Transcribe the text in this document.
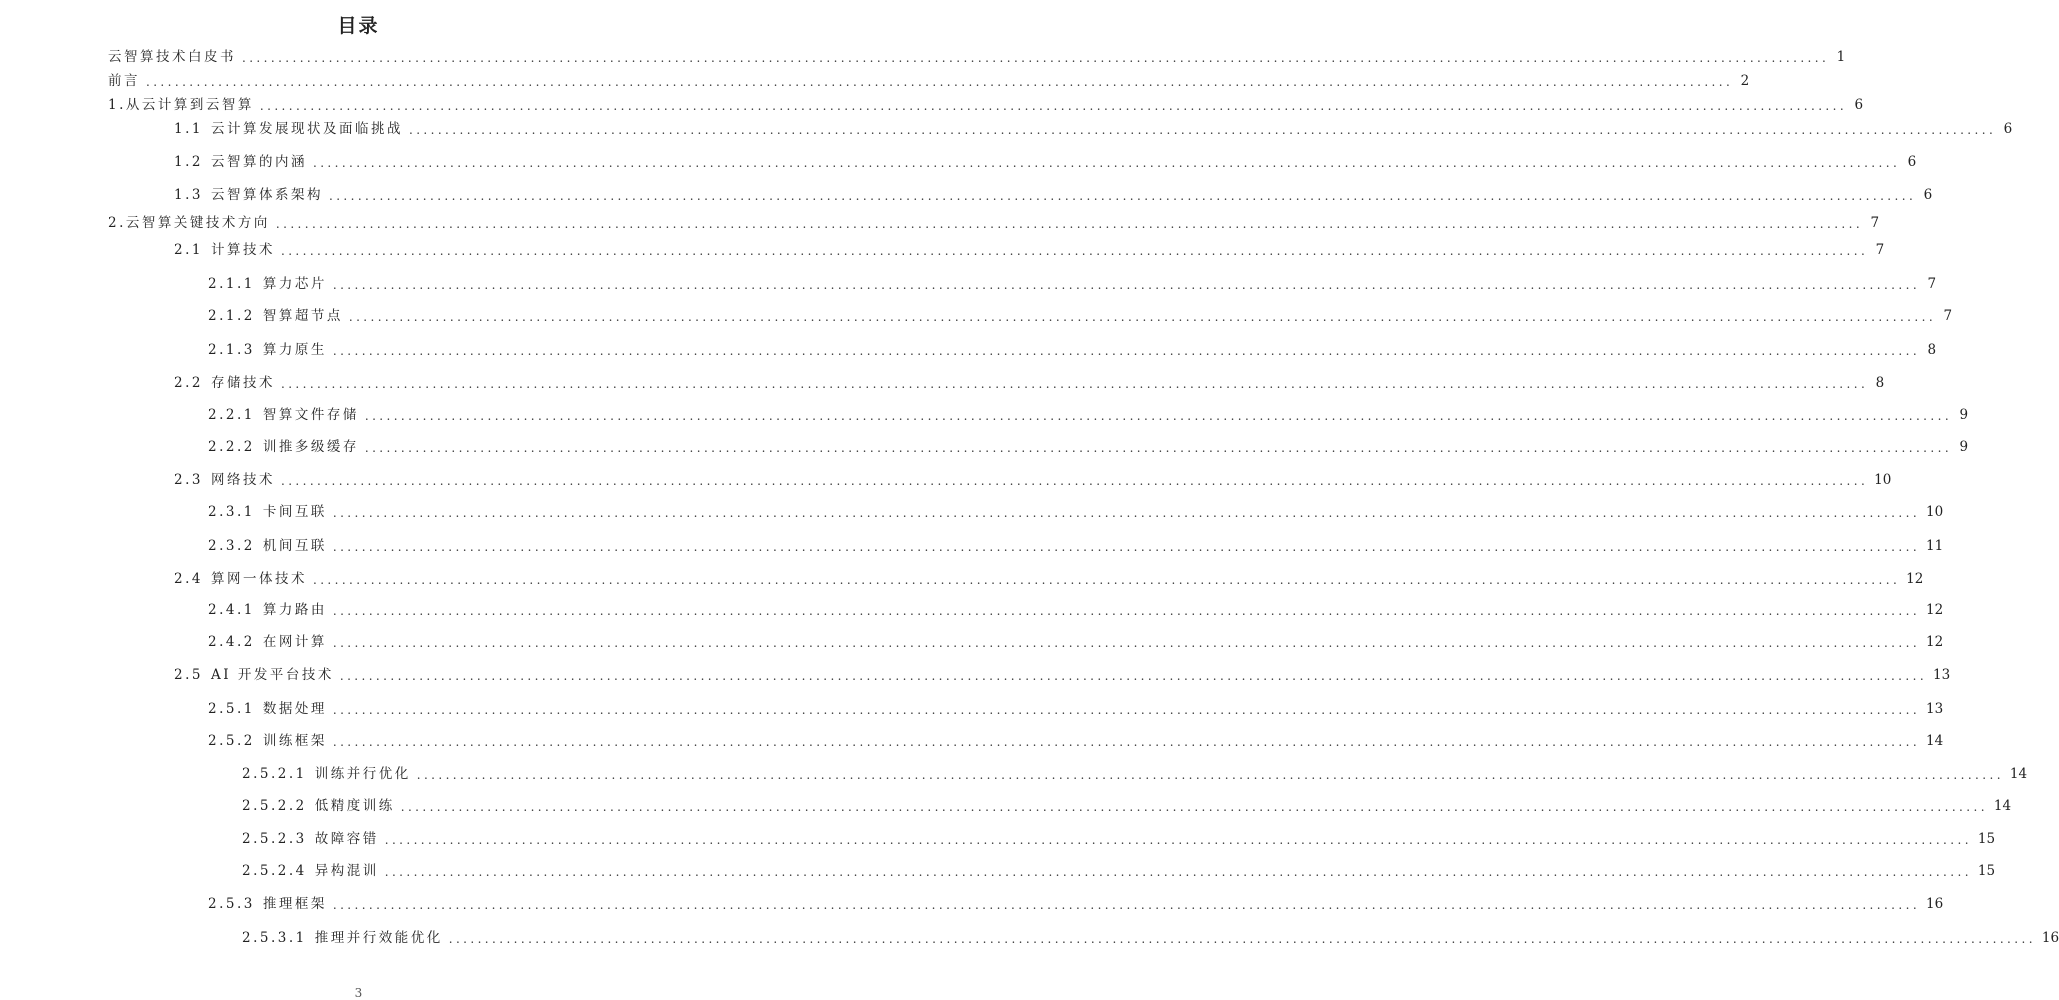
目录
云智算技术白皮书 ............................................................................................................................................................................................................................ 1
前言 ............................................................................................................................................................................................................................ 2
1. 从云计算到云智算 ............................................................................................................................................................................................................................ 6
1.1 云计算发展现状及面临挑战 ............................................................................................................................................................................................................................ 6
1.2 云智算的内涵 ............................................................................................................................................................................................................................ 6
1.3 云智算体系架构 ............................................................................................................................................................................................................................ 6
2. 云智算关键技术方向 ............................................................................................................................................................................................................................ 7
2.1 计算技术 ............................................................................................................................................................................................................................ 7
2.1.1 算力芯片 ............................................................................................................................................................................................................................ 7
2.1.2 智算超节点 ............................................................................................................................................................................................................................ 7
2.1.3 算力原生 ............................................................................................................................................................................................................................ 8
2.2 存储技术 ............................................................................................................................................................................................................................ 8
2.2.1 智算文件存储 ............................................................................................................................................................................................................................ 9
2.2.2 训推多级缓存 ............................................................................................................................................................................................................................ 9
2.3 网络技术 ............................................................................................................................................................................................................................ 10
2.3.1 卡间互联 ............................................................................................................................................................................................................................ 10
2.3.2 机间互联 ............................................................................................................................................................................................................................ 11
2.4 算网一体技术 ............................................................................................................................................................................................................................ 12
2.4.1 算力路由 ............................................................................................................................................................................................................................ 12
2.4.2 在网计算 ............................................................................................................................................................................................................................ 12
2.5 AI 开发平台技术 ............................................................................................................................................................................................................................ 13
2.5.1 数据处理 ............................................................................................................................................................................................................................ 13
2.5.2 训练框架 ............................................................................................................................................................................................................................ 14
2.5.2.1 训练并行优化 ............................................................................................................................................................................................................................ 14
2.5.2.2 低精度训练 ............................................................................................................................................................................................................................ 14
2.5.2.3 故障容错 ............................................................................................................................................................................................................................ 15
2.5.2.4 异构混训 ............................................................................................................................................................................................................................ 15
2.5.3 推理框架 ............................................................................................................................................................................................................................ 16
2.5.3.1 推理并行效能优化 ............................................................................................................................................................................................................................ 16
3
